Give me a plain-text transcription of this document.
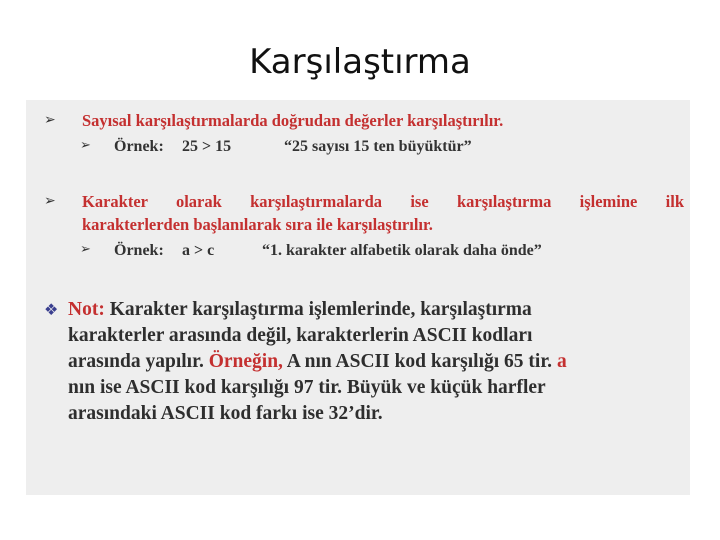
Karşılaştırma
➢ Sayısal karşılaştırmalarda doğrudan değerler karşılaştırılır.
➢ Örnek: 25 > 15	“25 sayısı 15 ten büyüktür”
➢ Karakter olarak karşılaştırmalarda ise karşılaştırma işlemine ilk
karakterlerden başlanılarak sıra ile karşılaştırılır.
➢ Örnek: a > c	“1. karakter alfabetik olarak daha önde”
❖ Not: Karakter karşılaştırma işlemlerinde, karşılaştırma
karakterler arasında değil, karakterlerin ASCII kodları
arasında yapılır. Örneğin, A nın ASCII kod karşılığı 65 tir. a
nın ise ASCII kod karşılığı 97 tir. Büyük ve küçük harfler
arasındaki ASCII kod farkı ise 32’dir.
